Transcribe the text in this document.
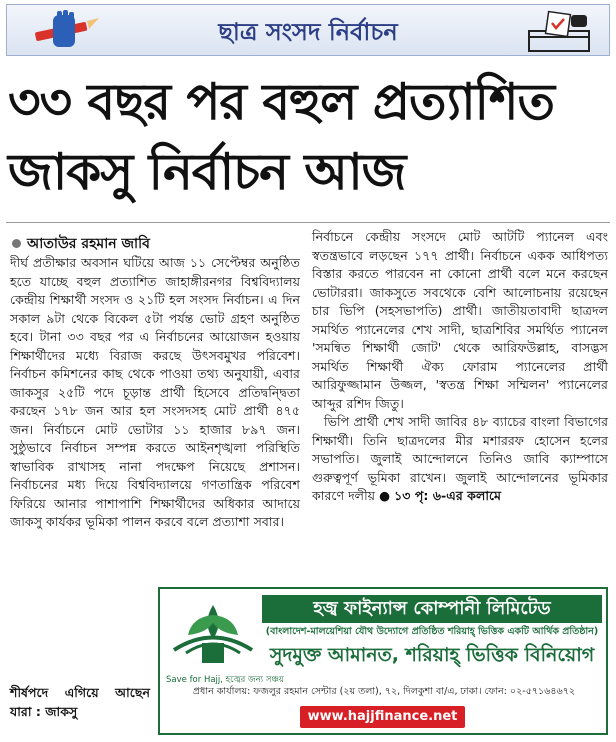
ছাত্র সংসদ নির্বাচন
৩৩ বছর পর বহুল প্রত্যাশিত
জাকসু নির্বাচন আজ
আতাউর রহমান জাবি

দীর্ঘ প্রতীক্ষার অবসান ঘটিয়ে আজ ১১ সেপ্টেম্বর অনুষ্ঠিত হতে যাচ্ছে বহুল প্রত্যাশিত জাহাঙ্গীরনগর বিশ্ববিদ্যালয় কেন্দ্রীয় শিক্ষার্থী সংসদ ও ২১টি হল সংসদ নির্বাচন। এ দিন সকাল ৯টা থেকে বিকেল ৫টা পর্যন্ত ভোট গ্রহণ অনুষ্ঠিত হবে। টানা ৩৩ বছর পর এ নির্বাচনের আয়োজন হওয়ায় শিক্ষার্থীদের মধ্যে বিরাজ করছে উৎসবমুখর পরিবেশ। নির্বাচন কমিশনের কাছ থেকে পাওয়া তথ্য অনুযায়ী, এবার জাকসুর ২৫টি পদে চূড়ান্ত প্রার্থী হিসেবে প্রতিদ্বন্দ্বিতা করছেন ১৭৮ জন আর হল সংসদসহ মোট প্রার্থী ৪৭৫ জন। নির্বাচনে মোট ভোটার ১১ হাজার ৮৯৭ জন। সুষ্ঠুভাবে নির্বাচন সম্পন্ন করতে আইনশৃঙ্খলা পরিস্থিতি স্বাভাবিক রাখাসহ নানা পদক্ষেপ নিয়েছে প্রশাসন। নির্বাচনের মধ্য দিয়ে বিশ্ববিদ্যালয়ে গণতান্ত্রিক পরিবেশ ফিরিয়ে আনার পাশাপাশি শিক্ষার্থীদের অধিকার আদায়ে জাকসু কার্যকর ভূমিকা পালন করবে বলে প্রত্যাশা সবার।

শীর্ষপদে এগিয়ে আছেন যারা : জাকসু

নির্বাচনে কেন্দ্রীয় সংসদে মোট আটটি প্যানেল এবং স্বতন্ত্রভাবে লড়ছেন ১৭৭ প্রার্থী। নির্বাচনে একক আধিপত্য বিস্তার করতে পারবেন না কোনো প্রার্থী বলে মনে করছেন ভোটাররা। জাকসুতে সবথেকে বেশি আলোচনায় রয়েছেন চার ভিপি (সহসভাপতি) প্রার্থী। জাতীয়তাবাদী ছাত্রদল সমর্থিত প্যানেলের শেখ সাদী, ছাত্রশিবির সমর্থিত প্যানেল 'সমন্বিত শিক্ষার্থী জোট' থেকে আরিফউল্লাহ, বাসদ্ভস সমর্থিত শিক্ষার্থী ঐক্য ফোরাম প্যানেলের প্রার্থী আরিফুজ্জামান উজ্জল, 'স্বতন্ত্র শিক্ষা সম্মিলন' প্যানেলের আব্দুর রশিদ জিতু।

ভিপি প্রার্থী শেখ সাদী জাবির ৪৮ ব্যাচের বাংলা বিভাগের শিক্ষার্থী। তিনি ছাত্রদলের মীর মশাররফ হোসেন হলের সভাপতি। জুলাই আন্দোলনে তিনিও জাবি ক্যাম্পাসে গুরুত্বপূর্ণ ভূমিকা রাখেন। জুলাই আন্দোলনের ভূমিকার কারণে দলীয় ● ১৩ পৃ: ৬-এর কলামে

Save for Hajj, হজ্বের জন্য সঞ্চয়
হজ্ব ফাইন্যান্স কোম্পানী লিমিটেড
(বাংলাদেশ-মালয়েশিয়া যৌথ উদ্যোগে প্রতিষ্ঠিত শরিয়াহ্ ভিত্তিক একটি আর্থিক প্রতিষ্ঠান)
সুদমুক্ত আমানত, শরিয়াহ্ ভিত্তিক বিনিয়োগ
প্রধান কার্যালয়: ফজলুর রহমান সেন্টার (২য় তলা), ৭২, দিলকুশা বা/এ, ঢাকা। ফোন: ০২-৫৭১৬৪৬৭২
www.hajjfinance.net
